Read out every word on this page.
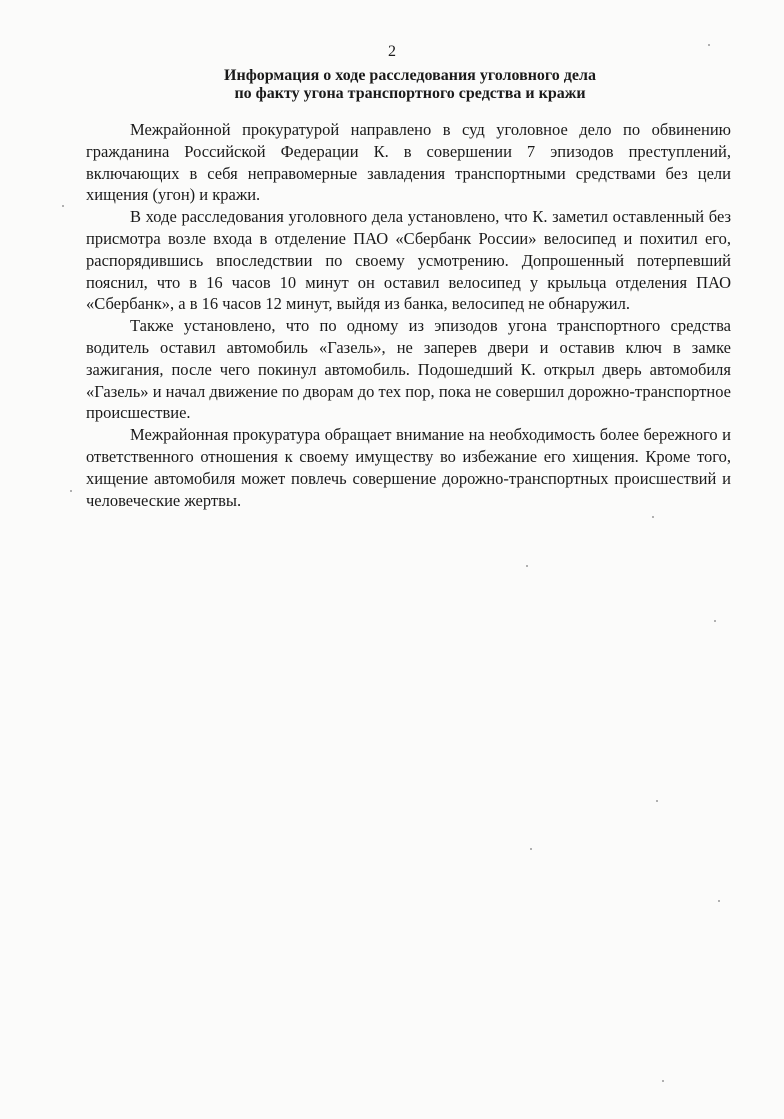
2
Информация о ходе расследования уголовного дела
по факту угона транспортного средства и кражи

Межрайонной прокуратурой направлено в суд уголовное дело по обвинению гражданина Российской Федерации К. в совершении 7 эпизодов преступлений, включающих в себя неправомерные завладения транспортными средствами без цели хищения (угон) и кражи.

В ходе расследования уголовного дела установлено, что К. заметил оставленный без присмотра возле входа в отделение ПАО «Сбербанк России» велосипед и похитил его, распорядившись впоследствии по своему усмотрению. Допрошенный потерпевший пояснил, что в 16 часов 10 минут он оставил велосипед у крыльца отделения ПАО «Сбербанк», а в 16 часов 12 минут, выйдя из банка, велосипед не обнаружил.

Также установлено, что по одному из эпизодов угона транспортного средства водитель оставил автомобиль «Газель», не заперев двери и оставив ключ в замке зажигания, после чего покинул автомобиль. Подошедший К. открыл дверь автомобиля «Газель» и начал движение по дворам до тех пор, пока не совершил дорожно-транспортное происшествие.

Межрайонная прокуратура обращает внимание на необходимость более бережного и ответственного отношения к своему имуществу во избежание его хищения. Кроме того, хищение автомобиля может повлечь совершение дорожно-транспортных происшествий и человеческие жертвы.
